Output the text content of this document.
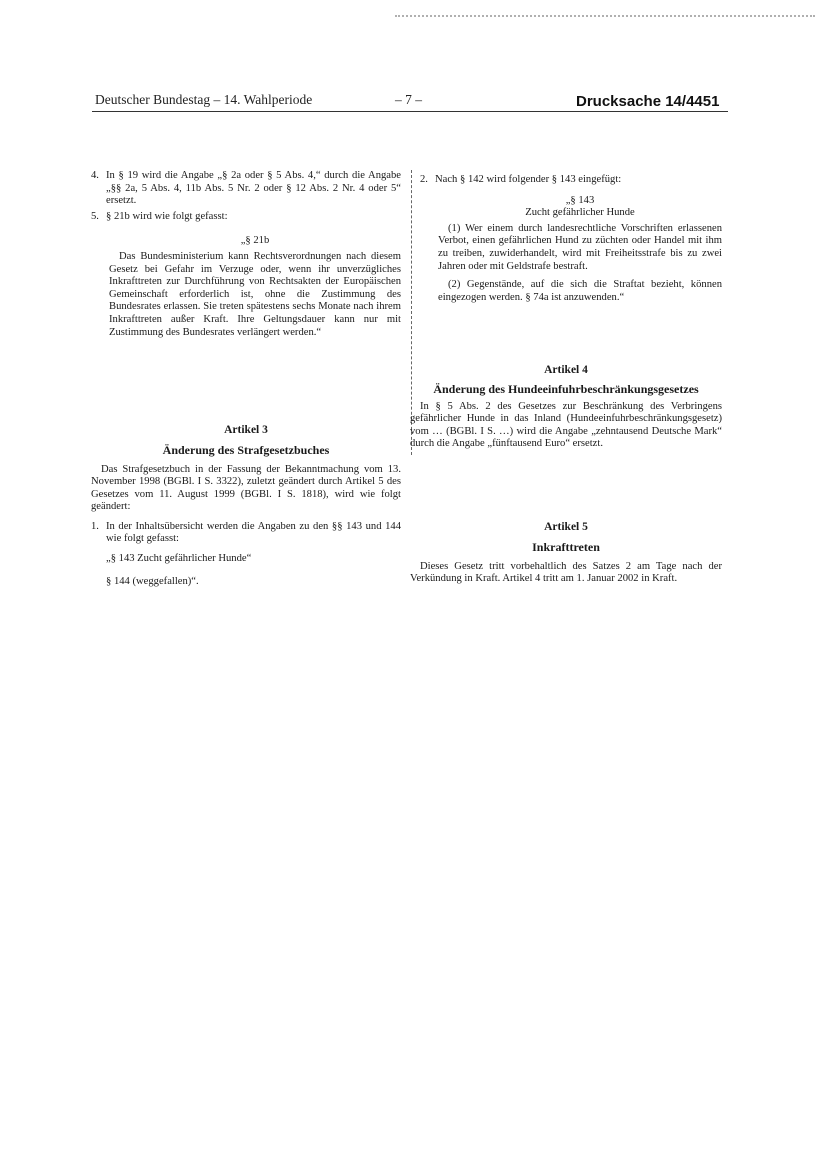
Deutscher Bundestag – 14. Wahlperiode	– 7 –	Drucksache 14/4451
4. In § 19 wird die Angabe „§ 2a oder § 5 Abs. 4,“ durch die Angabe „§§ 2a, 5 Abs. 4, 11b Abs. 5 Nr. 2 oder § 12 Abs. 2 Nr. 4 oder 5“ ersetzt.

5. § 21b wird wie folgt gefasst:

„§ 21b

Das Bundesministerium kann Rechtsverordnungen nach diesem Gesetz bei Gefahr im Verzuge oder, wenn ihr unverzügliches Inkrafttreten zur Durchführung von Rechtsakten der Europäischen Gemeinschaft erforderlich ist, ohne die Zustimmung des Bundesrates erlassen. Sie treten spätestens sechs Monate nach ihrem Inkrafttreten außer Kraft. Ihre Geltungsdauer kann nur mit Zustimmung des Bundesrates verlängert werden.“

Artikel 3

Änderung des Strafgesetzbuches

Das Strafgesetzbuch in der Fassung der Bekanntmachung vom 13. November 1998 (BGBl. I S. 3322), zuletzt geändert durch Artikel 5 des Gesetzes vom 11. August 1999 (BGBl. I S. 1818), wird wie folgt geändert:

1. In der Inhaltsübersicht werden die Angaben zu den §§ 143 und 144 wie folgt gefasst:

„§ 143 Zucht gefährlicher Hunde“

§ 144 (weggefallen)“.

2. Nach § 142 wird folgender § 143 eingefügt:

„§ 143

Zucht gefährlicher Hunde

(1) Wer einem durch landesrechtliche Vorschriften erlassenen Verbot, einen gefährlichen Hund zu züchten oder Handel mit ihm zu treiben, zuwiderhandelt, wird mit Freiheitsstrafe bis zu zwei Jahren oder mit Geldstrafe bestraft.

(2) Gegenstände, auf die sich die Straftat bezieht, können eingezogen werden. § 74a ist anzuwenden.“

Artikel 4

Änderung des Hundeeinfuhrbeschränkungsgesetzes

In § 5 Abs. 2 des Gesetzes zur Beschränkung des Verbringens gefährlicher Hunde in das Inland (Hundeeinfuhrbeschränkungsgesetz) vom … (BGBl. I S. …) wird die Angabe „zehntausend Deutsche Mark“ durch die Angabe „fünftausend Euro“ ersetzt.

Artikel 5

Inkrafttreten

Dieses Gesetz tritt vorbehaltlich des Satzes 2 am Tage nach der Verkündung in Kraft. Artikel 4 tritt am 1. Januar 2002 in Kraft.
